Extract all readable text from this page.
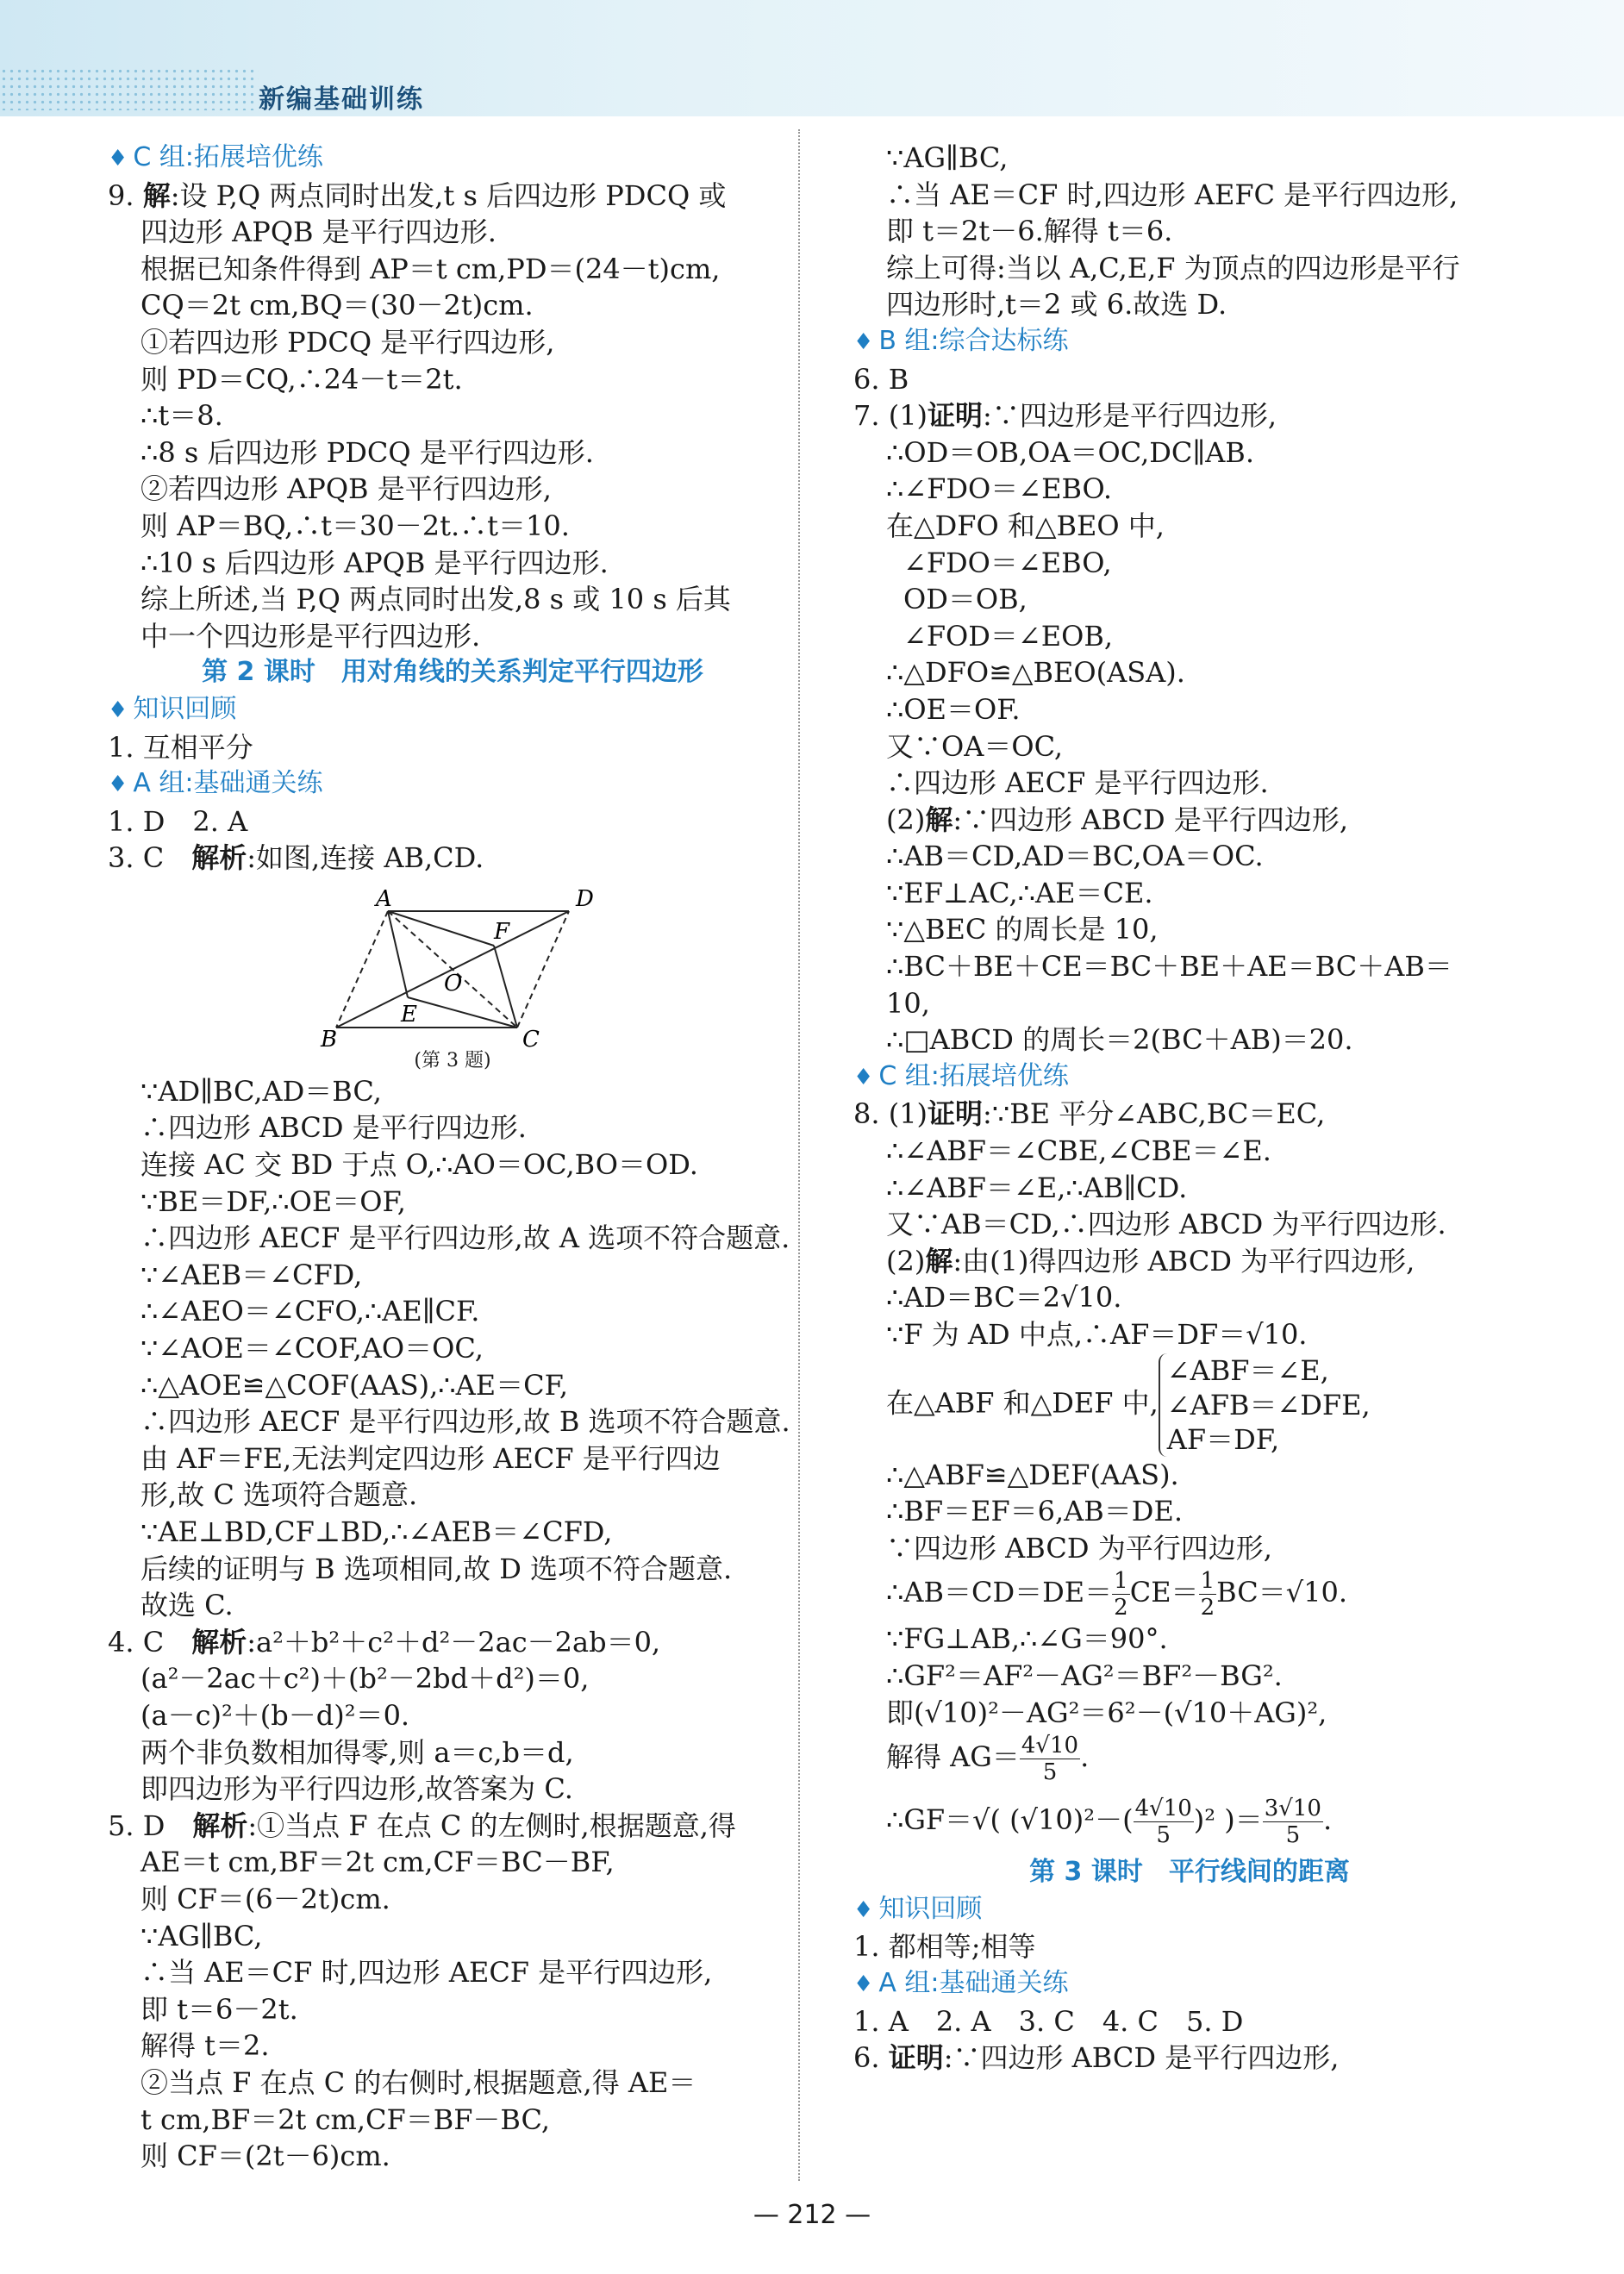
新编基础训练
♦ C 组:拓展培优练
9. 解:设 P,Q 两点同时出发,t s 后四边形 PDCQ 或
四边形 APQB 是平行四边形.
根据已知条件得到 AP＝t cm,PD＝(24－t)cm,
CQ＝2t cm,BQ＝(30－2t)cm.
①若四边形 PDCQ 是平行四边形,
则 PD＝CQ,∴24－t＝2t.
∴t＝8.
∴8 s 后四边形 PDCQ 是平行四边形.
②若四边形 APQB 是平行四边形,
则 AP＝BQ,∴t＝30－2t.∴t＝10.
∴10 s 后四边形 APQB 是平行四边形.
综上所述,当 P,Q 两点同时出发,8 s 或 10 s 后其
中一个四边形是平行四边形.
第 2 课时　用对角线的关系判定平行四边形
♦ 知识回顾
1. 互相平分
♦ A 组:基础通关练
1. D　2. A
3. C　解析:如图,连接 AB,CD.
A	D
F
O
E
B	C
(第 3 题)
∵AD∥BC,AD＝BC,
∴四边形 ABCD 是平行四边形.
连接 AC 交 BD 于点 O,∴AO＝OC,BO＝OD.
∵BE＝DF,∴OE＝OF,
∴四边形 AECF 是平行四边形,故 A 选项不符合题意.
∵∠AEB＝∠CFD,
∴∠AEO＝∠CFO,∴AE∥CF.
∵∠AOE＝∠COF,AO＝OC,
∴△AOE≌△COF(AAS),∴AE＝CF,
∴四边形 AECF 是平行四边形,故 B 选项不符合题意.
由 AF＝FE,无法判定四边形 AECF 是平行四边
形,故 C 选项符合题意.
∵AE⊥BD,CF⊥BD,∴∠AEB＝∠CFD,
后续的证明与 B 选项相同,故 D 选项不符合题意.
故选 C.
4. C　解析:a²＋b²＋c²＋d²－2ac－2ab＝0,
(a²－2ac＋c²)＋(b²－2bd＋d²)＝0,
(a－c)²＋(b－d)²＝0.
两个非负数相加得零,则 a＝c,b＝d,
即四边形为平行四边形,故答案为 C.
5. D　解析:①当点 F 在点 C 的左侧时,根据题意,得
AE＝t cm,BF＝2t cm,CF＝BC－BF,
则 CF＝(6－2t)cm.
∵AG∥BC,
∴当 AE＝CF 时,四边形 AECF 是平行四边形,
即 t＝6－2t.
解得 t＝2.
②当点 F 在点 C 的右侧时,根据题意,得 AE＝
t cm,BF＝2t cm,CF＝BF－BC,
则 CF＝(2t－6)cm.
∵AG∥BC,
∴当 AE＝CF 时,四边形 AEFC 是平行四边形,
即 t＝2t－6.解得 t＝6.
综上可得:当以 A,C,E,F 为顶点的四边形是平行
四边形时,t＝2 或 6.故选 D.
♦ B 组:综合达标练
6. B
7. (1)证明:∵四边形是平行四边形,
∴OD＝OB,OA＝OC,DC∥AB.
∴∠FDO＝∠EBO.
在△DFO 和△BEO 中,
∠FDO＝∠EBO,
OD＝OB,
∠FOD＝∠EOB,
∴△DFO≌△BEO(ASA).
∴OE＝OF.
又∵OA＝OC,
∴四边形 AECF 是平行四边形.
(2)解:∵四边形 ABCD 是平行四边形,
∴AB＝CD,AD＝BC,OA＝OC.
∵EF⊥AC,∴AE＝CE.
∵△BEC 的周长是 10,
∴BC＋BE＋CE＝BC＋BE＋AE＝BC＋AB＝
10,
∴□ABCD 的周长＝2(BC＋AB)＝20.
♦ C 组:拓展培优练
8. (1)证明:∵BE 平分∠ABC,BC＝EC,
∴∠ABF＝∠CBE,∠CBE＝∠E.
∴∠ABF＝∠E,∴AB∥CD.
又∵AB＝CD,∴四边形 ABCD 为平行四边形.
(2)解:由(1)得四边形 ABCD 为平行四边形,
∴AD＝BC＝2√10.
∵F 为 AD 中点,∴AF＝DF＝√10.
在△ABF 和△DEF 中,
∠ABF＝∠E,
∠AFB＝∠DFE,
AF＝DF,
∴△ABF≌△DEF(AAS).
∴BF＝EF＝6,AB＝DE.
∵四边形 ABCD 为平行四边形,
∴AB＝CD＝DE＝ $\frac{1}{2} CE= \frac{1}{2} BC=√10$.
∵FG⊥AB,∴∠G＝90°.
∴GF²＝AF²－AG²＝BF²－BG².
即(√10)²－AG²＝6²－(√10＋AG)²,
解得 $AG= \frac{4√10}{5}$ .
∴GF＝√( $(√10)^2-( \frac{4√10}{5} )^2$ )＝ $\frac{3√10}{5}$ .
第 3 课时　平行线间的距离
♦ 知识回顾
1. 都相等;相等
♦ A 组:基础通关练
1. A　2. A　3. C　4. C　5. D
6. 证明:∵四边形 ABCD 是平行四边形,
— 212 —
